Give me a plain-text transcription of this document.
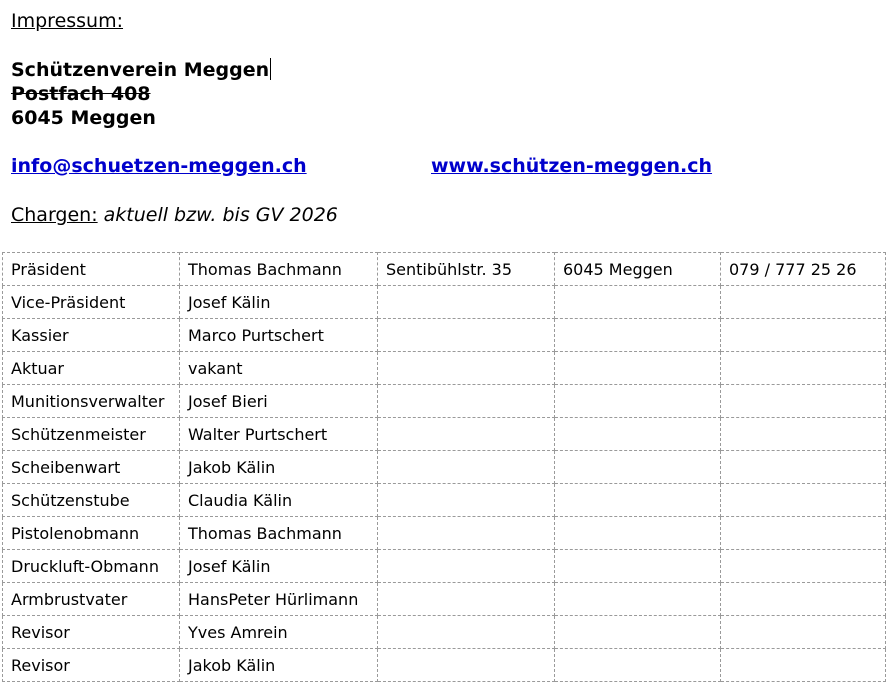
Impressum:
Schützenverein Meggen
Postfach 408
6045 Meggen
info@schuetzen-meggen.ch	www.schützen-meggen.ch
Chargen: aktuell bzw. bis GV 2026
Präsident	Thomas Bachmann	Sentibühlstr. 35	6045 Meggen	079 / 777 25 26
Vice-Präsident	Josef Kälin			
Kassier	Marco Purtschert			
Aktuar	vakant			
Munitionsverwalter	Josef Bieri			
Schützenmeister	Walter Purtschert			
Scheibenwart	Jakob Kälin			
Schützenstube	Claudia Kälin			
Pistolenobmann	Thomas Bachmann			
Druckluft-Obmann	Josef Kälin			
Armbrustvater	HansPeter Hürlimann			
Revisor	Yves Amrein			
Revisor	Jakob Kälin			
